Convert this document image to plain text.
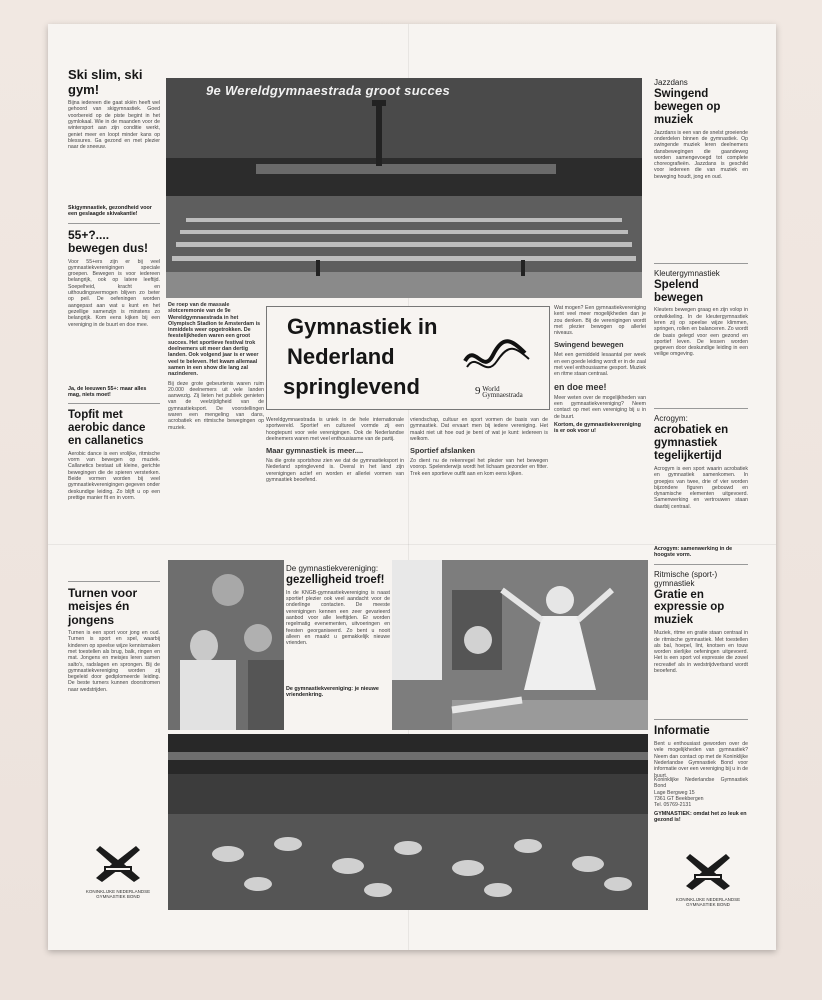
Ski slim, ski gym!

Bijna iedereen die gaat skiën heeft wel gehoord van skigymnastiek. Goed voorbereid op de piste begint in het gymlokaal. Wie in de maanden voor de wintersport aan zijn conditie werkt, geniet meer en loopt minder kans op blessures. Ga gezond en met plezier naar de sneeuw.

Skigymnastiek, gezondheid voor een geslaagde skivakantie!

55+?.... bewegen dus!

Voor 55+ers zijn er bij veel gymnastiekverenigingen speciale groepen. Bewegen is voor iedereen belangrijk, ook op latere leeftijd. Soepelheid, kracht en uithoudingsvermogen blijven zo beter op peil. De oefeningen worden aangepast aan wat u kunt en het gezellige samenzijn is minstens zo belangrijk. Kom eens kijken bij een vereniging in de buurt en doe mee.

Ja, de leeuwen 55+: maar alles mag, niets moet!

Topfit met aerobic dance en callanetics

Aerobic dance is een vrolijke, ritmische vorm van bewegen op muziek. Callanetics bestaat uit kleine, gerichte bewegingen die de spieren versterken. Beide vormen worden bij veel gymnastiekverenigingen gegeven onder deskundige leiding. Zo blijft u op een prettige manier fit en in vorm.

Turnen voor meisjes én jongens

Turnen is een sport voor jong en oud. Turnen is sport en spel, waarbij kinderen op speelse wijze kennismaken met toestellen als brug, balk, ringen en mat. Jongens en meisjes leren samen salto's, radslagen en sprongen. Bij de gymnastiekvereniging worden zij begeleid door gediplomeerde leiding. De beste turners kunnen doorstromen naar wedstrijden.

KONINKLIJKE NEDERLANDSE GYMNASTIEK BOND
9e Wereldgymnaestrada groot succes

De roep van de massale slotceremonie van de 9e Wereldgymnaestrada in het Olympisch Stadion te Amsterdam is inmiddels weer opgetrokken. De feestelijkheden waren een groot succes. Het sportieve festival trok deelnemers uit meer dan dertig landen. Ook volgend jaar is er weer veel te beleven. Het kwam allemaal samen in een show die lang zal nazinderen.

Bij deze grote gebeurtenis waren ruim 20.000 deelnemers uit vele landen aanwezig. Zij lieten het publiek genieten van de veelzijdigheid van de gymnastieksport. De voorstellingen waren een mengeling van dans, acrobatiek en ritmische bewegingen op muziek.

Gymnastiek in
Nederland
springlevend	9 World
Gymnaestrada

Wereldgymnaestrada is uniek in de hele internationale sportwereld. Sportief en cultureel vormde zij een hoogtepunt voor vele verenigingen. Ook de Nederlandse deelnemers waren met veel enthousiasme van de partij.

Maar gymnastiek is meer....

Na die grote sportshow zien we dat de gymnastieksport in Nederland springlevend is. Overal in het land zijn verenigingen actief en worden er allerlei vormen van gymnastiek beoefend.

vriendschap, cultuur en sport vormen de basis van de gymnastiek. Dat ervaart men bij iedere vereniging. Het maakt niet uit hoe oud je bent of wat je kunt: iedereen is welkom.

Sportief afslanken

Zo dient nu de rekenregel het plezier van het bewegen voorop. Spelenderwijs wordt het lichaam gezonder en fitter. Trek een sportieve outfit aan en kom eens kijken.

Wat mogen? Een gymnastiekvereniging kent veel meer mogelijkheden dan je zou denken. Bij de verenigingen wordt met plezier bewogen op allerlei niveaus.

Swingend bewegen

Met een gemiddeld lesaantal per week en een goede leiding wordt er in de zaal met veel enthousiasme gesport. Muziek en ritme staan centraal.

en doe mee!

Meer weten over de mogelijkheden van een gymnastiekvereniging? Neem contact op met een vereniging bij u in de buurt.

Kortom, de gymnastiekvereniging is er ook voor u!

De gymnastiekvereniging:
gezelligheid troef!

In de KNGB-gymnastiekvereniging is naast sportief plezier ook veel aandacht voor de onderlinge contacten. De meeste verenigingen kennen een zeer gevarieerd aanbod voor alle leeftijden. Er worden regelmatig evenementen, uitvoeringen en feesten georganiseerd. Zo bent u nooit alleen en maakt u gemakkelijk nieuwe vrienden.

De gymnastiekvereniging: je nieuwe vriendenkring.

Jazzdans
Swingend bewegen op muziek

Jazzdans is een van de snelst groeiende onderdelen binnen de gymnastiek. Op swingende muziek leren deelnemers dansbewegingen die gaandeweg worden samengevoegd tot complete choreografieën. Jazzdans is geschikt voor iedereen die van muziek en beweging houdt, jong en oud.

Kleutergymnastiek
Spelend bewegen

Kleuters bewegen graag en zijn volop in ontwikkeling. In de kleutergymnastiek leren zij op speelse wijze klimmen, springen, rollen en balanceren. Zo wordt de basis gelegd voor een gezond en sportief leven. De lessen worden gegeven door deskundige leiding in een veilige omgeving.

Acrogym:
acrobatiek en gymnastiek tegelijkertijd

Acrogym is een sport waarin acrobatiek en gymnastiek samenkomen. In groepjes van twee, drie of vier worden bijzondere figuren gebouwd en dynamische elementen uitgevoerd. Samenwerking en vertrouwen staan daarbij centraal.

Acrogym: samenwerking in de hoogste vorm.

Ritmische (sport-) gymnastiek
Gratie en expressie op muziek

Muziek, ritme en gratie staan centraal in de ritmische gymnastiek. Met toestellen als bal, hoepel, lint, knotsen en touw worden sierlijke oefeningen uitgevoerd. Het is een sport vol expressie die zowel recreatief als in wedstrijdverband wordt beoefend.

Informatie

Bent u enthousiast geworden over de vele mogelijkheden van gymnastiek? Neem dan contact op met de Koninklijke Nederlandse Gymnastiek Bond voor informatie over een vereniging bij u in de buurt.

Koninklijke Nederlandse Gymnastiek Bond
Lage Bergweg 15
7361 GT Beekbergen
Tel. 05769-2131

GYMNASTIEK: omdat het zo leuk en gezond is!

KONINKLIJKE NEDERLANDSE GYMNASTIEK BOND
